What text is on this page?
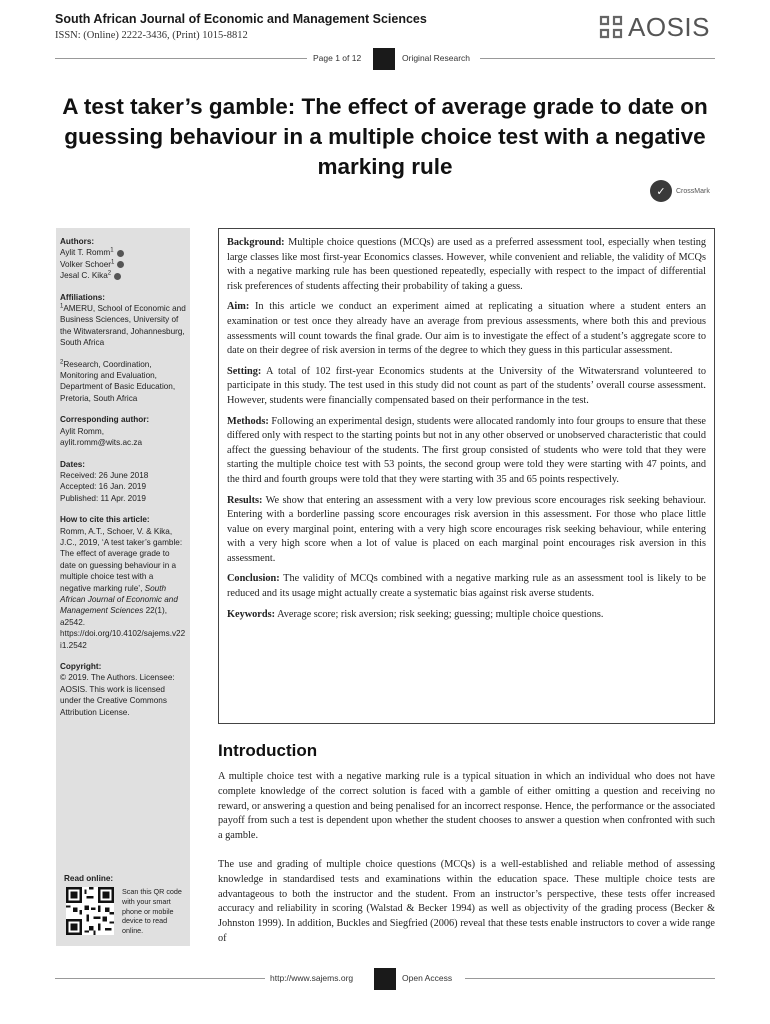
South African Journal of Economic and Management Sciences
ISSN: (Online) 2222-3436, (Print) 1015-8812	AOSIS
Page 1 of 12	Original Research
A test taker’s gamble: The effect of average grade to date on guessing behaviour in a multiple choice test with a negative marking rule
✓	CrossMark
Authors:
Aylit T. Romm$^1$
Volker Schoer$^1$
Jesal C. Kika$^2$
Affiliations:
$^1$AMERU, School of Economic and Business Sciences, University of the Witwatersrand, Johannesburg, South Africa
$^2$Research, Coordination, Monitoring and Evaluation, Department of Basic Education, Pretoria, South Africa
Corresponding author:
Aylit Romm,
aylit.romm@wits.ac.za
Dates:
Received: 26 June 2018
Accepted: 16 Jan. 2019
Published: 11 Apr. 2019
How to cite this article:
Romm, A.T., Schoer, V. & Kika, J.C., 2019, ‘A test taker’s gamble: The effect of average grade to date on guessing behaviour in a multiple choice test with a negative marking rule’, South African Journal of Economic and Management Sciences 22(1), a2542.
https://doi.org/10.4102/sajems.v22i1.2542
Copyright:
© 2019. The Authors. Licensee: AOSIS. This work is licensed under the Creative Commons Attribution License.
Read online:
Scan this QR code with your smart phone or mobile device to read online.

Background: Multiple choice questions (MCQs) are used as a preferred assessment tool, especially when testing large classes like most first-year Economics classes. However, while convenient and reliable, the validity of MCQs with a negative marking rule has been questioned repeatedly, especially with respect to the impact of differential risk preferences of students affecting their probability of taking a guess.

Aim: In this article we conduct an experiment aimed at replicating a situation where a student enters an examination or test once they already have an average from previous assessments, where both this and previous assessments will count towards the final grade. Our aim is to investigate the effect of a student’s aggregate score to date on their degree of risk aversion in terms of the degree to which they guess in this particular assessment.

Setting: A total of 102 first-year Economics students at the University of the Witwatersrand volunteered to participate in this study. The test used in this study did not count as part of the students’ overall course assessment. However, students were financially compensated based on their performance in the test.

Methods: Following an experimental design, students were allocated randomly into four groups to ensure that these differed only with respect to the starting points but not in any other observed or unobserved characteristic that could affect the guessing behaviour of the students. The first group consisted of students who were told that they were starting the multiple choice test with 53 points, the second group were told they were starting with 47 points, and the third and fourth groups were told that they were starting with 35 and 65 points respectively.

Results: We show that entering an assessment with a very low previous score encourages risk seeking behaviour. Entering with a borderline passing score encourages risk aversion in this assessment. For those who place little value on every marginal point, entering with a very high score encourages risk seeking behaviour, while entering with a very high score when a lot of value is placed on each marginal point encourages risk aversion in this assessment.

Conclusion: The validity of MCQs combined with a negative marking rule as an assessment tool is likely to be reduced and its usage might actually create a systematic bias against risk averse students.

Keywords: Average score; risk aversion; risk seeking; guessing; multiple choice questions.

Introduction

A multiple choice test with a negative marking rule is a typical situation in which an individual who does not have complete knowledge of the correct solution is faced with a gamble of either omitting a question and receiving no reward, or answering a question and being penalised for an incorrect response. Hence, the performance or the associated payoff from such a test is dependent upon whether the student chooses to answer a question when confronted with such a gamble.

The use and grading of multiple choice questions (MCQs) is a well-established and reliable method of assessing knowledge in standardised tests and examinations within the education space. These multiple choice tests are advantageous to both the instructor and the student. From an instructor’s perspective, these tests offer increased accuracy and reliability in scoring (Walstad & Becker 1994) as well as objectivity of the grading process (Becker & Johnston 1999). In addition, Buckles and Siegfried (2006) reveal that these tests enable instructors to cover a wide range of

http://www.sajems.org	Open Access
